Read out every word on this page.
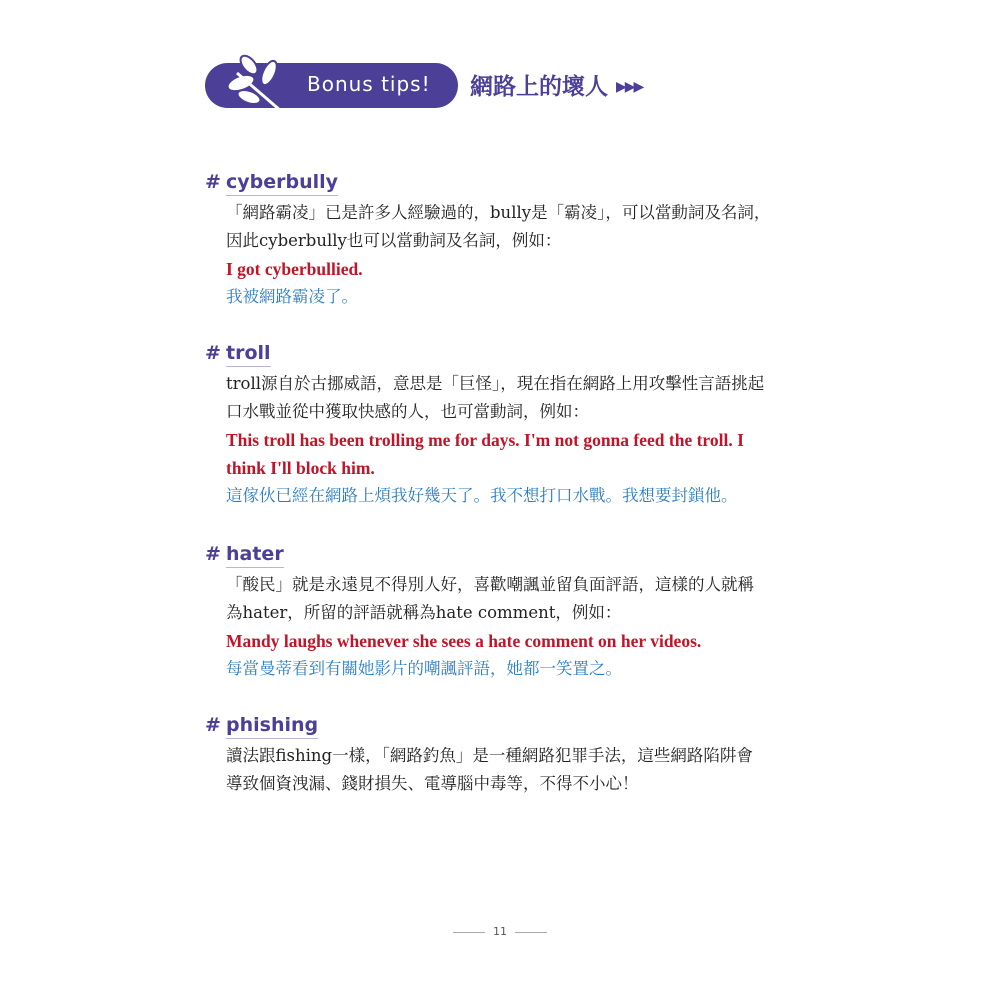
Bonus tips! 網路上的壞人 ▶▶▶
# cyberbully
「網路霸凌」已是許多人經驗過的，bully是「霸凌」，可以當動詞及名詞，
因此cyberbully也可以當動詞及名詞，例如：
I got cyberbullied.
我被網路霸凌了。
# troll
troll源自於古挪威語，意思是「巨怪」，現在指在網路上用攻擊性言語挑起
口水戰並從中獲取快感的人，也可當動詞，例如：
This troll has been trolling me for days. I'm not gonna feed the troll. I
think I'll block him.
這傢伙已經在網路上煩我好幾天了。我不想打口水戰。我想要封鎖他。
# hater
「酸民」就是永遠見不得別人好，喜歡嘲諷並留負面評語，這樣的人就稱
為hater，所留的評語就稱為hate comment，例如：
Mandy laughs whenever she sees a hate comment on her videos.
每當曼蒂看到有關她影片的嘲諷評語，她都一笑置之。
# phishing
讀法跟fishing一樣，「網路釣魚」是一種網路犯罪手法，這些網路陷阱會
導致個資洩漏、錢財損失、電導腦中毒等，不得不小心！
11
